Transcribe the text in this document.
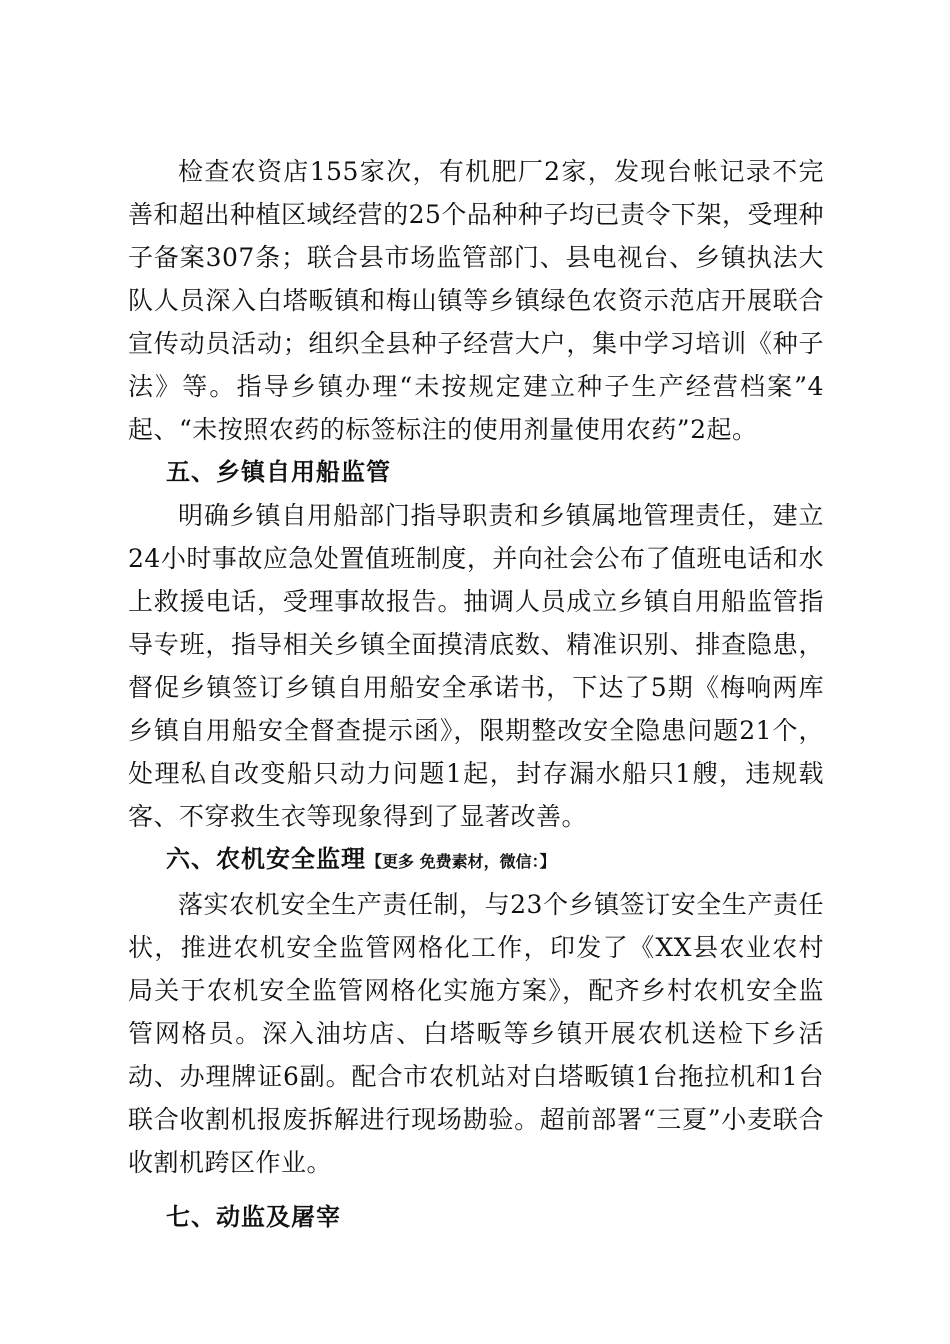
检查农资店155家次，有机肥厂2家，发现台帐记录不完善和超出种植区域经营的25个品种种子均已责令下架，受理种子备案307条；联合县市场监管部门、县电视台、乡镇执法大队人员深入白塔畈镇和梅山镇等乡镇绿色农资示范店开展联合宣传动员活动；组织全县种子经营大户，集中学习培训《种子法》等。指导乡镇办理“未按规定建立种子生产经营档案”4起、“未按照农药的标签标注的使用剂量使用农药”2起。

五、乡镇自用船监管

明确乡镇自用船部门指导职责和乡镇属地管理责任，建立24小时事故应急处置值班制度，并向社会公布了值班电话和水上救援电话，受理事故报告。抽调人员成立乡镇自用船监管指导专班，指导相关乡镇全面摸清底数、精准识别、排查隐患，督促乡镇签订乡镇自用船安全承诺书，下达了5期《梅响两库乡镇自用船安全督查提示函》，限期整改安全隐患问题21个，处理私自改变船只动力问题1起，封存漏水船只1艘，违规载客、不穿救生衣等现象得到了显著改善。

六、农机安全监理【更多 免费素材，微信：】

落实农机安全生产责任制，与23个乡镇签订安全生产责任状，推进农机安全监管网格化工作，印发了《XX县农业农村局关于农机安全监管网格化实施方案》，配齐乡村农机安全监管网格员。深入油坊店、白塔畈等乡镇开展农机送检下乡活动、办理牌证6副。配合市农机站对白塔畈镇1台拖拉机和1台联合收割机报废拆解进行现场勘验。超前部署“三夏”小麦联合收割机跨区作业。

七、动监及屠宰
